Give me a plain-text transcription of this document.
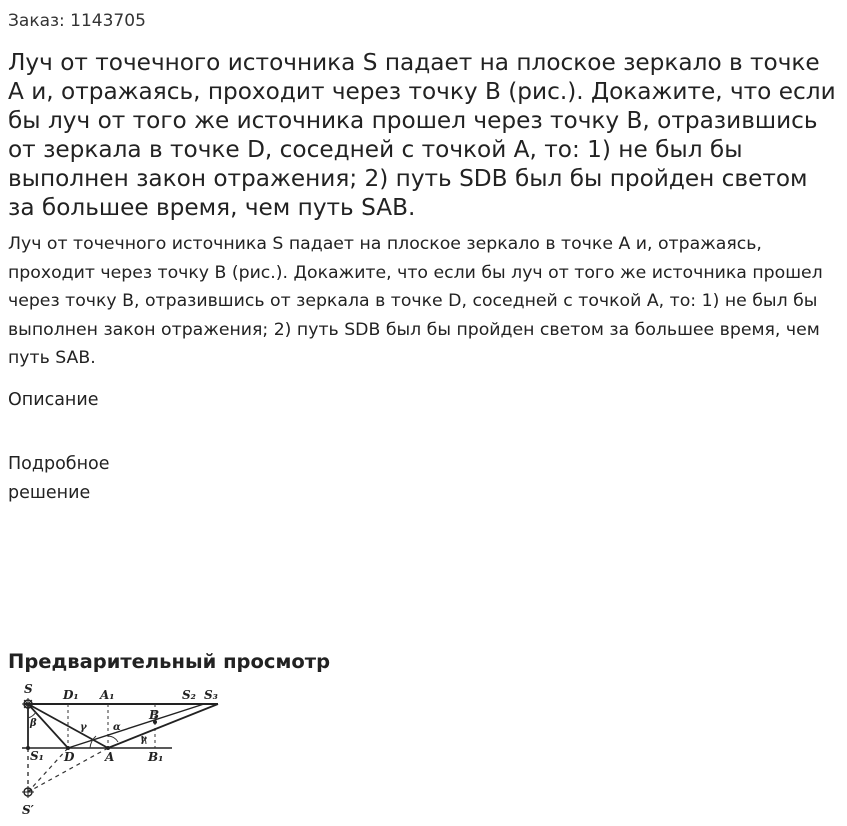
Заказ: 1143705
Луч от точечного источника S падает на плоское зеркало в точке A и, отражаясь, проходит через точку B (рис.). Докажите, что если бы луч от того же источника прошел через точку B, отразившись от зеркала в точке D, соседней с точкой A, то: 1) не был бы выполнен закон отражения; 2) путь SDB был бы пройден светом за большее время, чем путь SAB.

Луч от точечного источника S падает на плоское зеркало в точке A и, отражаясь, проходит через точку B (рис.). Докажите, что если бы луч от того же источника прошел через точку B, отразившись от зеркала в точке D, соседней с точкой A, то: 1) не был бы выполнен закон отражения; 2) путь SDB был бы пройден светом за большее время, чем путь SAB.

Описание
Подробное решение
Предварительный просмотр
S	D₁ A₁	S₂ S₃
B
S₁ D	A	B₁
S′
β	γ	α
γ
